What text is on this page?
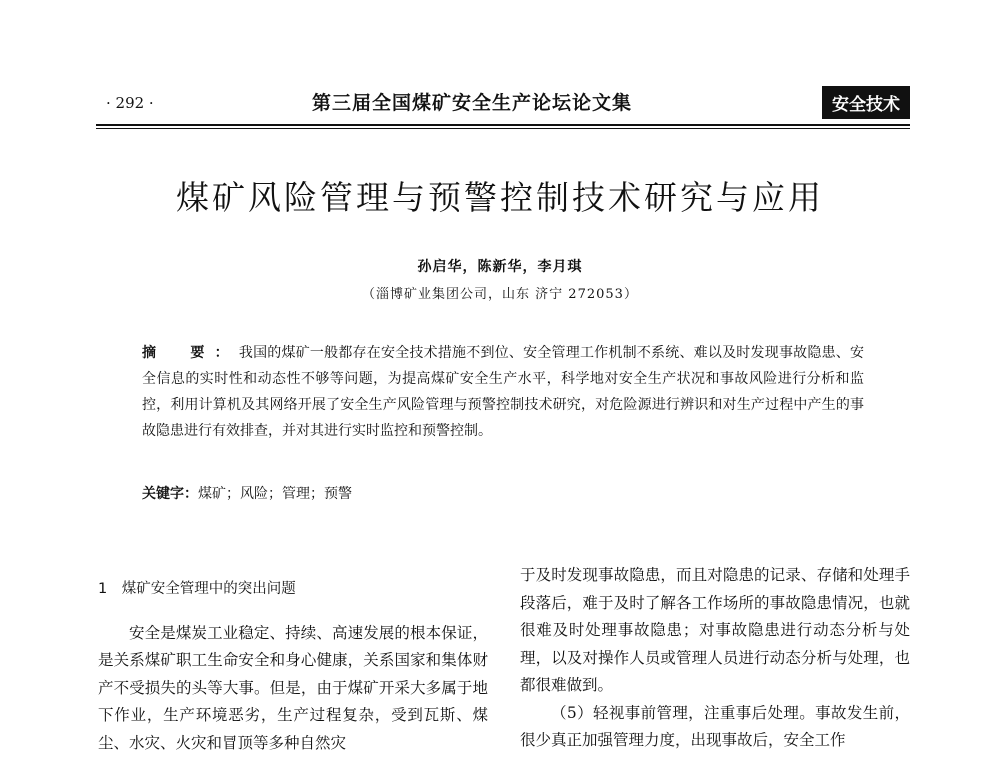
· 292 ·	第三届全国煤矿安全生产论坛论文集	安全技术
煤矿风险管理与预警控制技术研究与应用
孙启华，陈新华，李月琪
（淄博矿业集团公司，山东 济宁 272053）
摘　要：我国的煤矿一般都存在安全技术措施不到位、安全管理工作机制不系统、难以及时发现事故隐患、安全信息的实时性和动态性不够等问题，为提高煤矿安全生产水平，科学地对安全生产状况和事故风险进行分析和监控，利用计算机及其网络开展了安全生产风险管理与预警控制技术研究，对危险源进行辨识和对生产过程中产生的事故隐患进行有效排查，并对其进行实时监控和预警控制。
关键字：煤矿；风险；管理；预警
1　煤矿安全管理中的突出问题

安全是煤炭工业稳定、持续、高速发展的根本保证，是关系煤矿职工生命安全和身心健康，关系国家和集体财产不受损失的头等大事。但是，由于煤矿开采大多属于地下作业，生产环境恶劣，生产过程复杂，受到瓦斯、煤尘、水灾、火灾和冒顶等多种自然灾

于及时发现事故隐患，而且对隐患的记录、存储和处理手段落后，难于及时了解各工作场所的事故隐患情况，也就很难及时处理事故隐患；对事故隐患进行动态分析与处理，以及对操作人员或管理人员进行动态分析与处理，也都很难做到。

（5）轻视事前管理，注重事后处理。事故发生前，很少真正加强管理力度，出现事故后，安全工作
